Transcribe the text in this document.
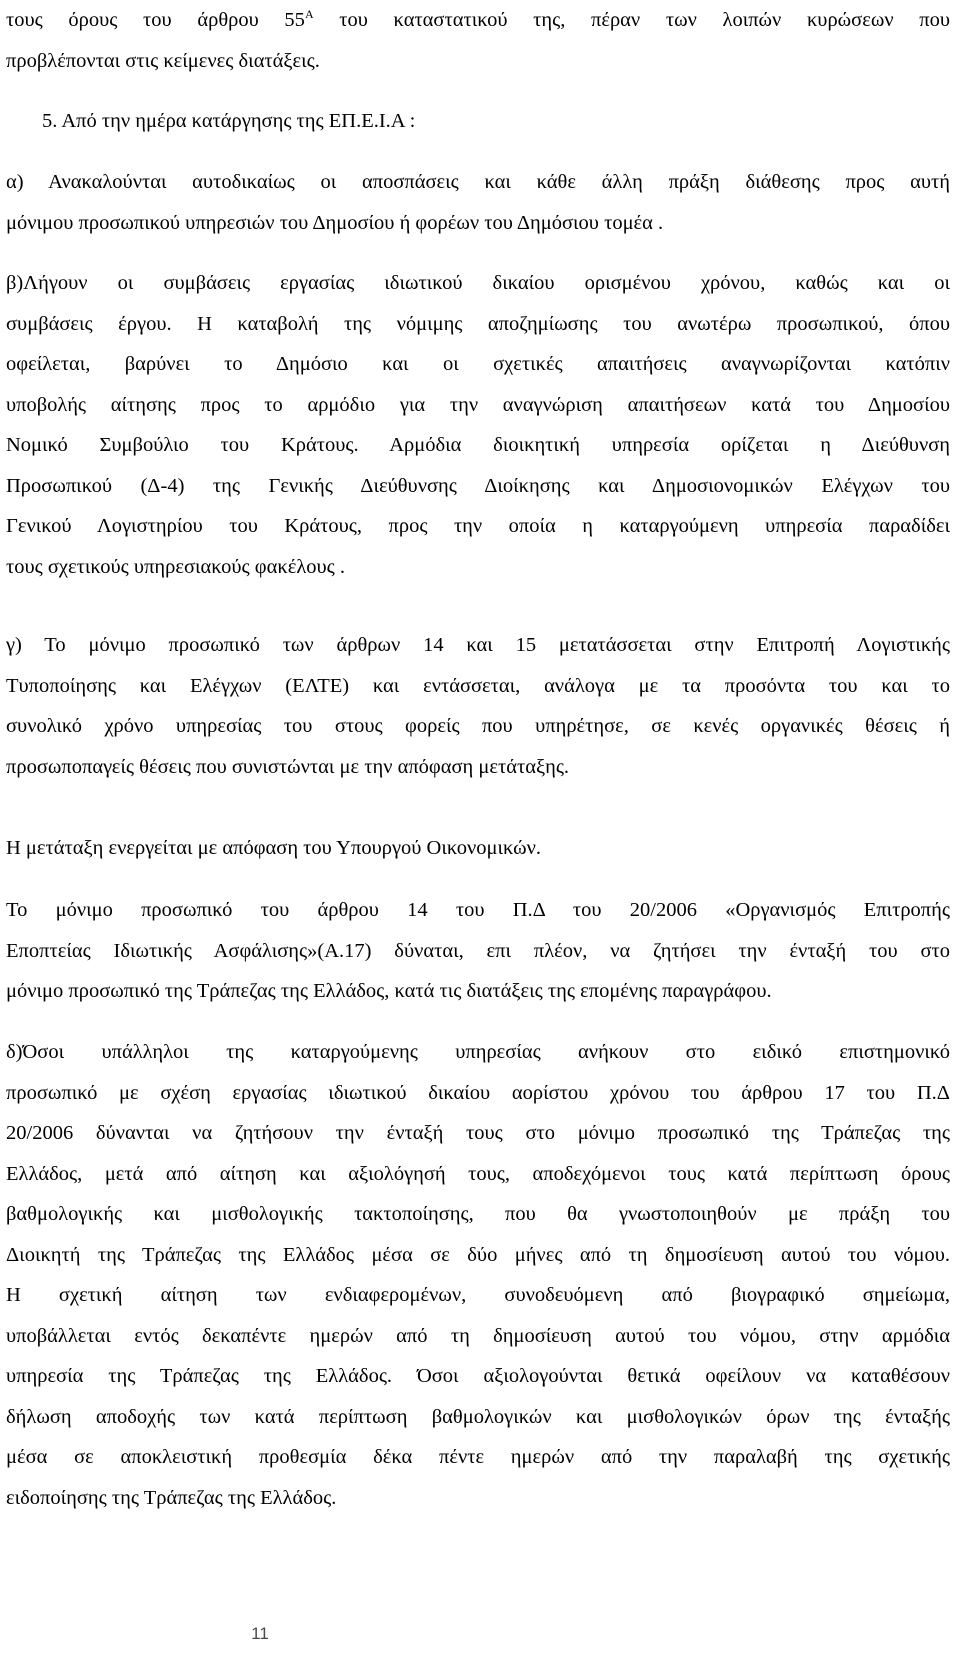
τους όρους του άρθρου $55^A$ του καταστατικού της, πέραν των λοιπών κυρώσεων που
προβλέπονται στις κείμενες διατάξεις.
5. Από την ημέρα κατάργησης της ΕΠ.Ε.Ι.Α :
α) Ανακαλούνται αυτοδικαίως οι αποσπάσεις και κάθε άλλη πράξη διάθεσης προς αυτή
μόνιμου προσωπικού υπηρεσιών του Δημοσίου ή φορέων του Δημόσιου τομέα .
β)Λήγουν οι συμβάσεις εργασίας ιδιωτικού δικαίου ορισμένου χρόνου, καθώς και οι
συμβάσεις έργου. Η καταβολή της νόμιμης αποζημίωσης του ανωτέρω προσωπικού, όπου
οφείλεται, βαρύνει το Δημόσιο και οι σχετικές απαιτήσεις αναγνωρίζονται κατόπιν
υποβολής αίτησης προς το αρμόδιο για την αναγνώριση απαιτήσεων κατά του Δημοσίου
Νομικό Συμβούλιο του Κράτους. Αρμόδια διοικητική υπηρεσία ορίζεται η Διεύθυνση
Προσωπικού (Δ-4) της Γενικής Διεύθυνσης Διοίκησης και Δημοσιονομικών Ελέγχων του
Γενικού Λογιστηρίου του Κράτους, προς την οποία η καταργούμενη υπηρεσία παραδίδει
τους σχετικούς υπηρεσιακούς φακέλους .
γ) Το μόνιμο προσωπικό των άρθρων 14 και 15 μετατάσσεται στην Επιτροπή Λογιστικής
Τυποποίησης και Ελέγχων (ΕΛΤΕ) και εντάσσεται, ανάλογα με τα προσόντα του και το
συνολικό χρόνο υπηρεσίας του στους φορείς που υπηρέτησε, σε κενές οργανικές θέσεις ή
προσωποπαγείς θέσεις που συνιστώνται με την απόφαση μετάταξης.
Η μετάταξη ενεργείται με απόφαση του Υπουργού Οικονομικών.
Το μόνιμο προσωπικό του άρθρου 14 του Π.Δ του 20/2006 «Οργανισμός Επιτροπής
Εποπτείας Ιδιωτικής Ασφάλισης»(Α.17) δύναται, επι πλέον, να ζητήσει την ένταξή του στο
μόνιμο προσωπικό της Τράπεζας της Ελλάδος, κατά τις διατάξεις της επομένης παραγράφου.
δ)Όσοι υπάλληλοι της καταργούμενης υπηρεσίας ανήκουν στο ειδικό επιστημονικό
προσωπικό με σχέση εργασίας ιδιωτικού δικαίου αορίστου χρόνου του άρθρου 17 του Π.Δ
20/2006 δύνανται να ζητήσουν την ένταξή τους στο μόνιμο προσωπικό της Τράπεζας της
Ελλάδος, μετά από αίτηση και αξιολόγησή τους, αποδεχόμενοι τους κατά περίπτωση όρους
βαθμολογικής και μισθολογικής τακτοποίησης, που θα γνωστοποιηθούν με πράξη του
Διοικητή της Τράπεζας της Ελλάδος μέσα σε δύο μήνες από τη δημοσίευση αυτού του νόμου.
Η σχετική αίτηση των ενδιαφερομένων, συνοδευόμενη από βιογραφικό σημείωμα,
υποβάλλεται εντός δεκαπέντε ημερών από τη δημοσίευση αυτού του νόμου, στην αρμόδια
υπηρεσία της Τράπεζας της Ελλάδος. Όσοι αξιολογούνται θετικά οφείλουν να καταθέσουν
δήλωση αποδοχής των κατά περίπτωση βαθμολογικών και μισθολογικών όρων της ένταξής
μέσα σε αποκλειστική προθεσμία δέκα πέντε ημερών από την παραλαβή της σχετικής
ειδοποίησης της Τράπεζας της Ελλάδος.
11
